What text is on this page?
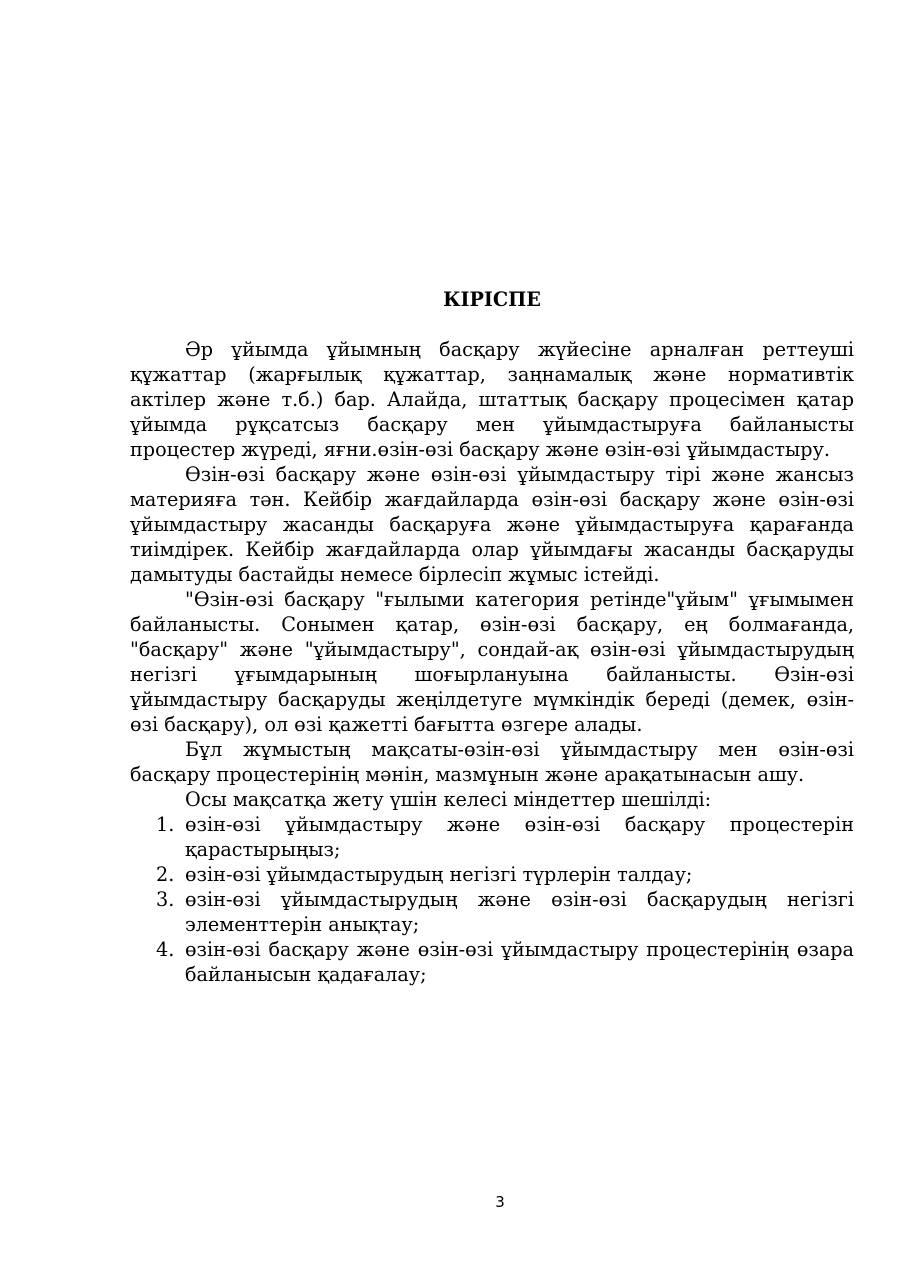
КІРІСПЕ

Әр ұйымда ұйымның басқару жүйесіне арналған реттеуші құжаттар (жарғылық құжаттар, заңнамалық және нормативтік актілер және т.б.) бар. Алайда, штаттық басқару процесімен қатар ұйымда рұқсатсыз басқару мен ұйымдастыруға байланысты процестер жүреді, яғни.өзін-өзі басқару және өзін-өзі ұйымдастыру.

Өзін-өзі басқару және өзін-өзі ұйымдастыру тірі және жансыз материяға тән. Кейбір жағдайларда өзін-өзі басқару және өзін-өзі ұйымдастыру жасанды басқаруға және ұйымдастыруға қарағанда тиімдірек. Кейбір жағдайларда олар ұйымдағы жасанды басқаруды дамытуды бастайды немесе бірлесіп жұмыс істейді.

"Өзін-өзі басқару "ғылыми категория ретінде"ұйым" ұғымымен байланысты. Сонымен қатар, өзін-өзі басқару, ең болмағанда, "басқару" және "ұйымдастыру", сондай-ақ өзін-өзі ұйымдастырудың негізгі ұғымдарының шоғырлануына байланысты. Өзін-өзі ұйымдастыру басқаруды жеңілдетуге мүмкіндік береді (демек, өзін-өзі басқару), ол өзі қажетті бағытта өзгере алады.

Бұл жұмыстың мақсаты-өзін-өзі ұйымдастыру мен өзін-өзі басқару процестерінің мәнін, мазмұнын және арақатынасын ашу.

Осы мақсатқа жету үшін келесі міндеттер шешілді:

1. өзін-өзі ұйымдастыру және өзін-өзі басқару процестерін қарастырыңыз;
2. өзін-өзі ұйымдастырудың негізгі түрлерін талдау;
3. өзін-өзі ұйымдастырудың және өзін-өзі басқарудың негізгі элементтерін анықтау;
4. өзін-өзі басқару және өзін-өзі ұйымдастыру процестерінің өзара байланысын қадағалау;
3
